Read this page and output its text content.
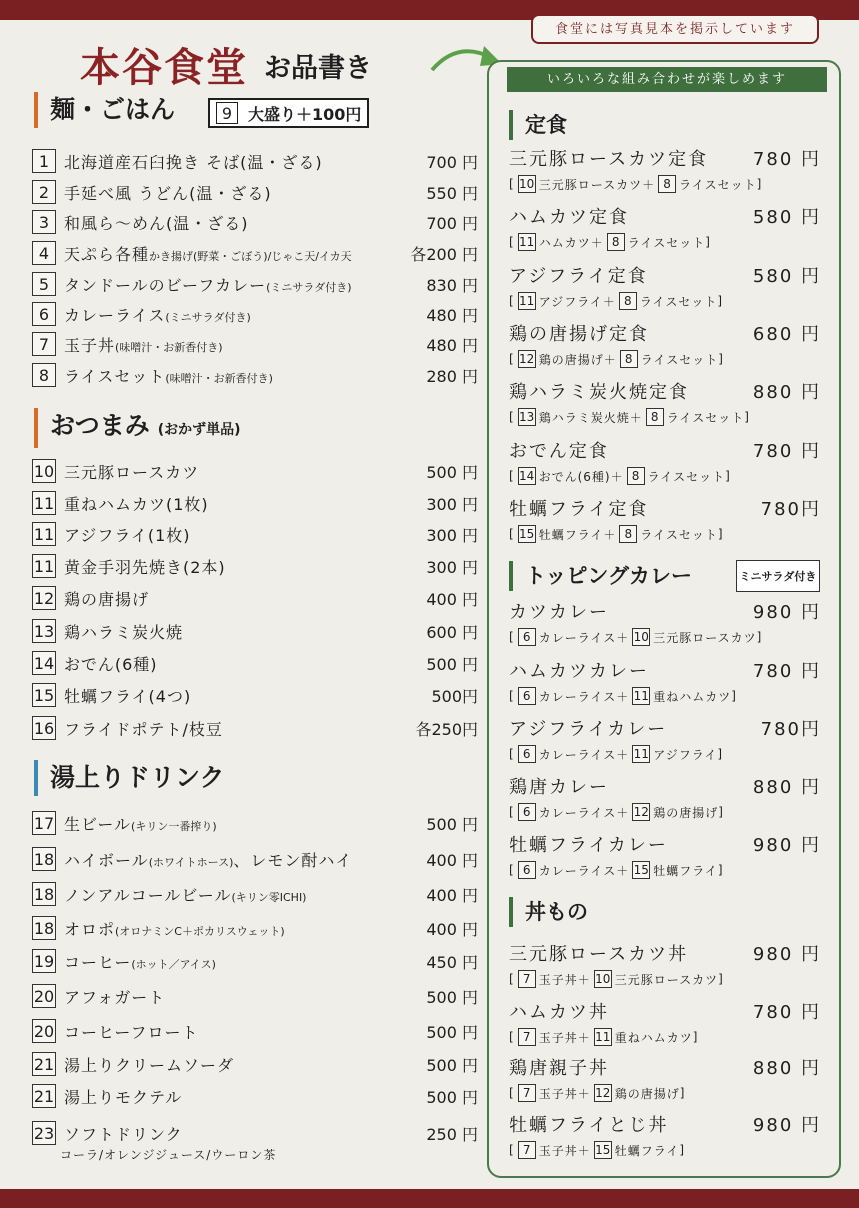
食堂には写真見本を掲示しています
本谷食堂 お品書き
麺・ごはん	9 大盛り＋100円
1 北海道産石臼挽き そば(温・ざる)	700 円
2 手延べ風 うどん(温・ざる)	550 円
3 和風ら～めん(温・ざる)	700 円
4 天ぷら各種かき揚げ(野菜・ごぼう)/じゃこ天/イカ天	各200 円
5 タンドールのビーフカレー(ミニサラダ付き)	830 円
6 カレーライス(ミニサラダ付き)	480 円
7 玉子丼(味噌汁・お新香付き)	480 円
8 ライスセット(味噌汁・お新香付き)	280 円
おつまみ (おかず単品)
10 三元豚ロースカツ	500 円
11 重ねハムカツ(1枚)	300 円
11 アジフライ(1枚)	300 円
11 黄金手羽先焼き(2本)	300 円
12 鶏の唐揚げ	400 円
13 鶏ハラミ炭火焼	600 円
14 おでん(6種)	500 円
15 牡蠣フライ(4つ)	500円
16 フライドポテト/枝豆	各250円
湯上りドリンク
17 生ビール(キリン一番搾り)	500 円
18 ハイボール(ホワイトホース)、レモン酎ハイ	400 円
18 ノンアルコールビール(キリン零ICHI)	400 円
18 オロポ(オロナミンC＋ポカリスウェット)	400 円
19 コーヒー(ホット／アイス)	450 円
20 アフォガート	500 円
20 コーヒーフロート	500 円
21 湯上りクリームソーダ	500 円
21 湯上りモクテル	500 円
23 ソフトドリンク	250 円
コーラ/オレンジジュース/ウーロン茶
いろいろな組み合わせが楽しめます
定食
三元豚ロースカツ定食 780 円
[ 10 三元豚ロースカツ ＋ 8 ライスセット ]
ハムカツ定食	580 円
[ 11 ハムカツ ＋ 8 ライスセット ]
アジフライ定食	580 円
[ 11 アジフライ ＋ 8 ライスセット ]
鶏の唐揚げ定食	680 円
[ 12 鶏の唐揚げ ＋ 8 ライスセット ]
鶏ハラミ炭火焼定食	880 円
[ 13 鶏ハラミ炭火焼 ＋ 8 ライスセット ]
おでん定食	780 円
[ 14 おでん(6種) ＋ 8 ライスセット ]
牡蠣フライ定食	780円
[ 15 牡蠣フライ ＋ 8 ライスセット ]
トッピングカレー	ミニサラダ付き
カツカレー	980 円
[ 6 カレーライス ＋ 10 三元豚ロースカツ ]
ハムカツカレー	780 円
[ 6 カレーライス ＋ 11 重ねハムカツ ]
アジフライカレー	780円
[ 6 カレーライス ＋ 11 アジフライ ]
鶏唐カレー	880 円
[ 6 カレーライス ＋ 12 鶏の唐揚げ ]
牡蠣フライカレー	980 円
[ 6 カレーライス ＋ 15 牡蠣フライ ]
丼もの
三元豚ロースカツ丼	980 円
[ 7 玉子丼 ＋ 10 三元豚ロースカツ ]
ハムカツ丼	780 円
[ 7 玉子丼 ＋ 11 重ねハムカツ ]
鶏唐親子丼	880 円
[ 7 玉子丼 ＋ 12 鶏の唐揚げ ]
牡蠣フライとじ丼	980 円
[ 7 玉子丼 ＋ 15 牡蠣フライ ]
